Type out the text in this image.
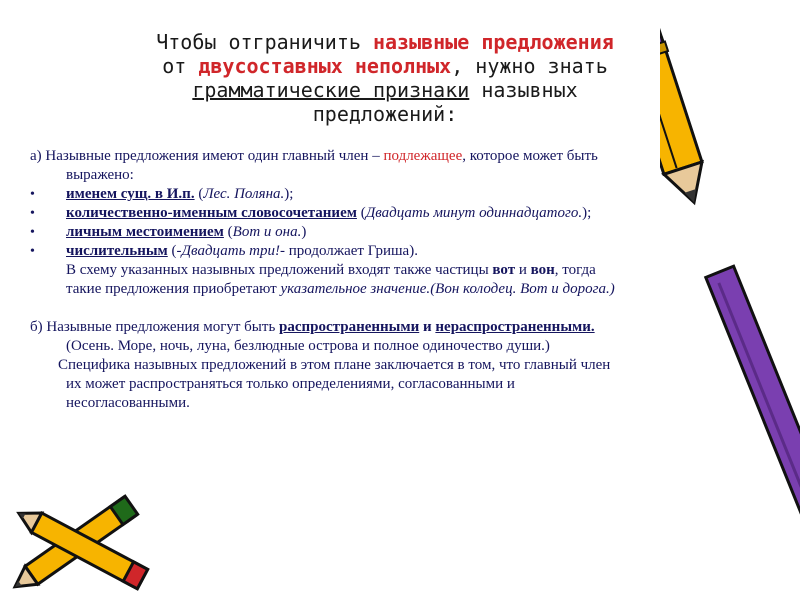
Чтобы отграничить назывные предложения
от двусоставных неполных, нужно знать
грамматические признаки назывных
предложений:

а) Назывные предложения имеют один главный член – подлежащее, которое может быть

выражено:

•	именем сущ. в И.п. (Лес. Поляна.);
•	количественно-именным словосочетанием (Двадцать минут одиннадцатого.);
•	личным местоимением (Вот и она.)
•	числительным (-Двадцать три!- продолжает Гриша).

В схему указанных назывных предложений входят также частицы вот и вон, тогда

такие предложения приобретают указательное значение.(Вон колодец. Вот и дорога.)

б) Назывные предложения могут быть распространенными и нераспространенными.

(Осень. Море, ночь, луна, безлюдные острова и полное одиночество души.)

Специфика назывных предложений в этом плане заключается в том, что главный член

их может распространяться только определениями, согласованными и

несогласованными.
